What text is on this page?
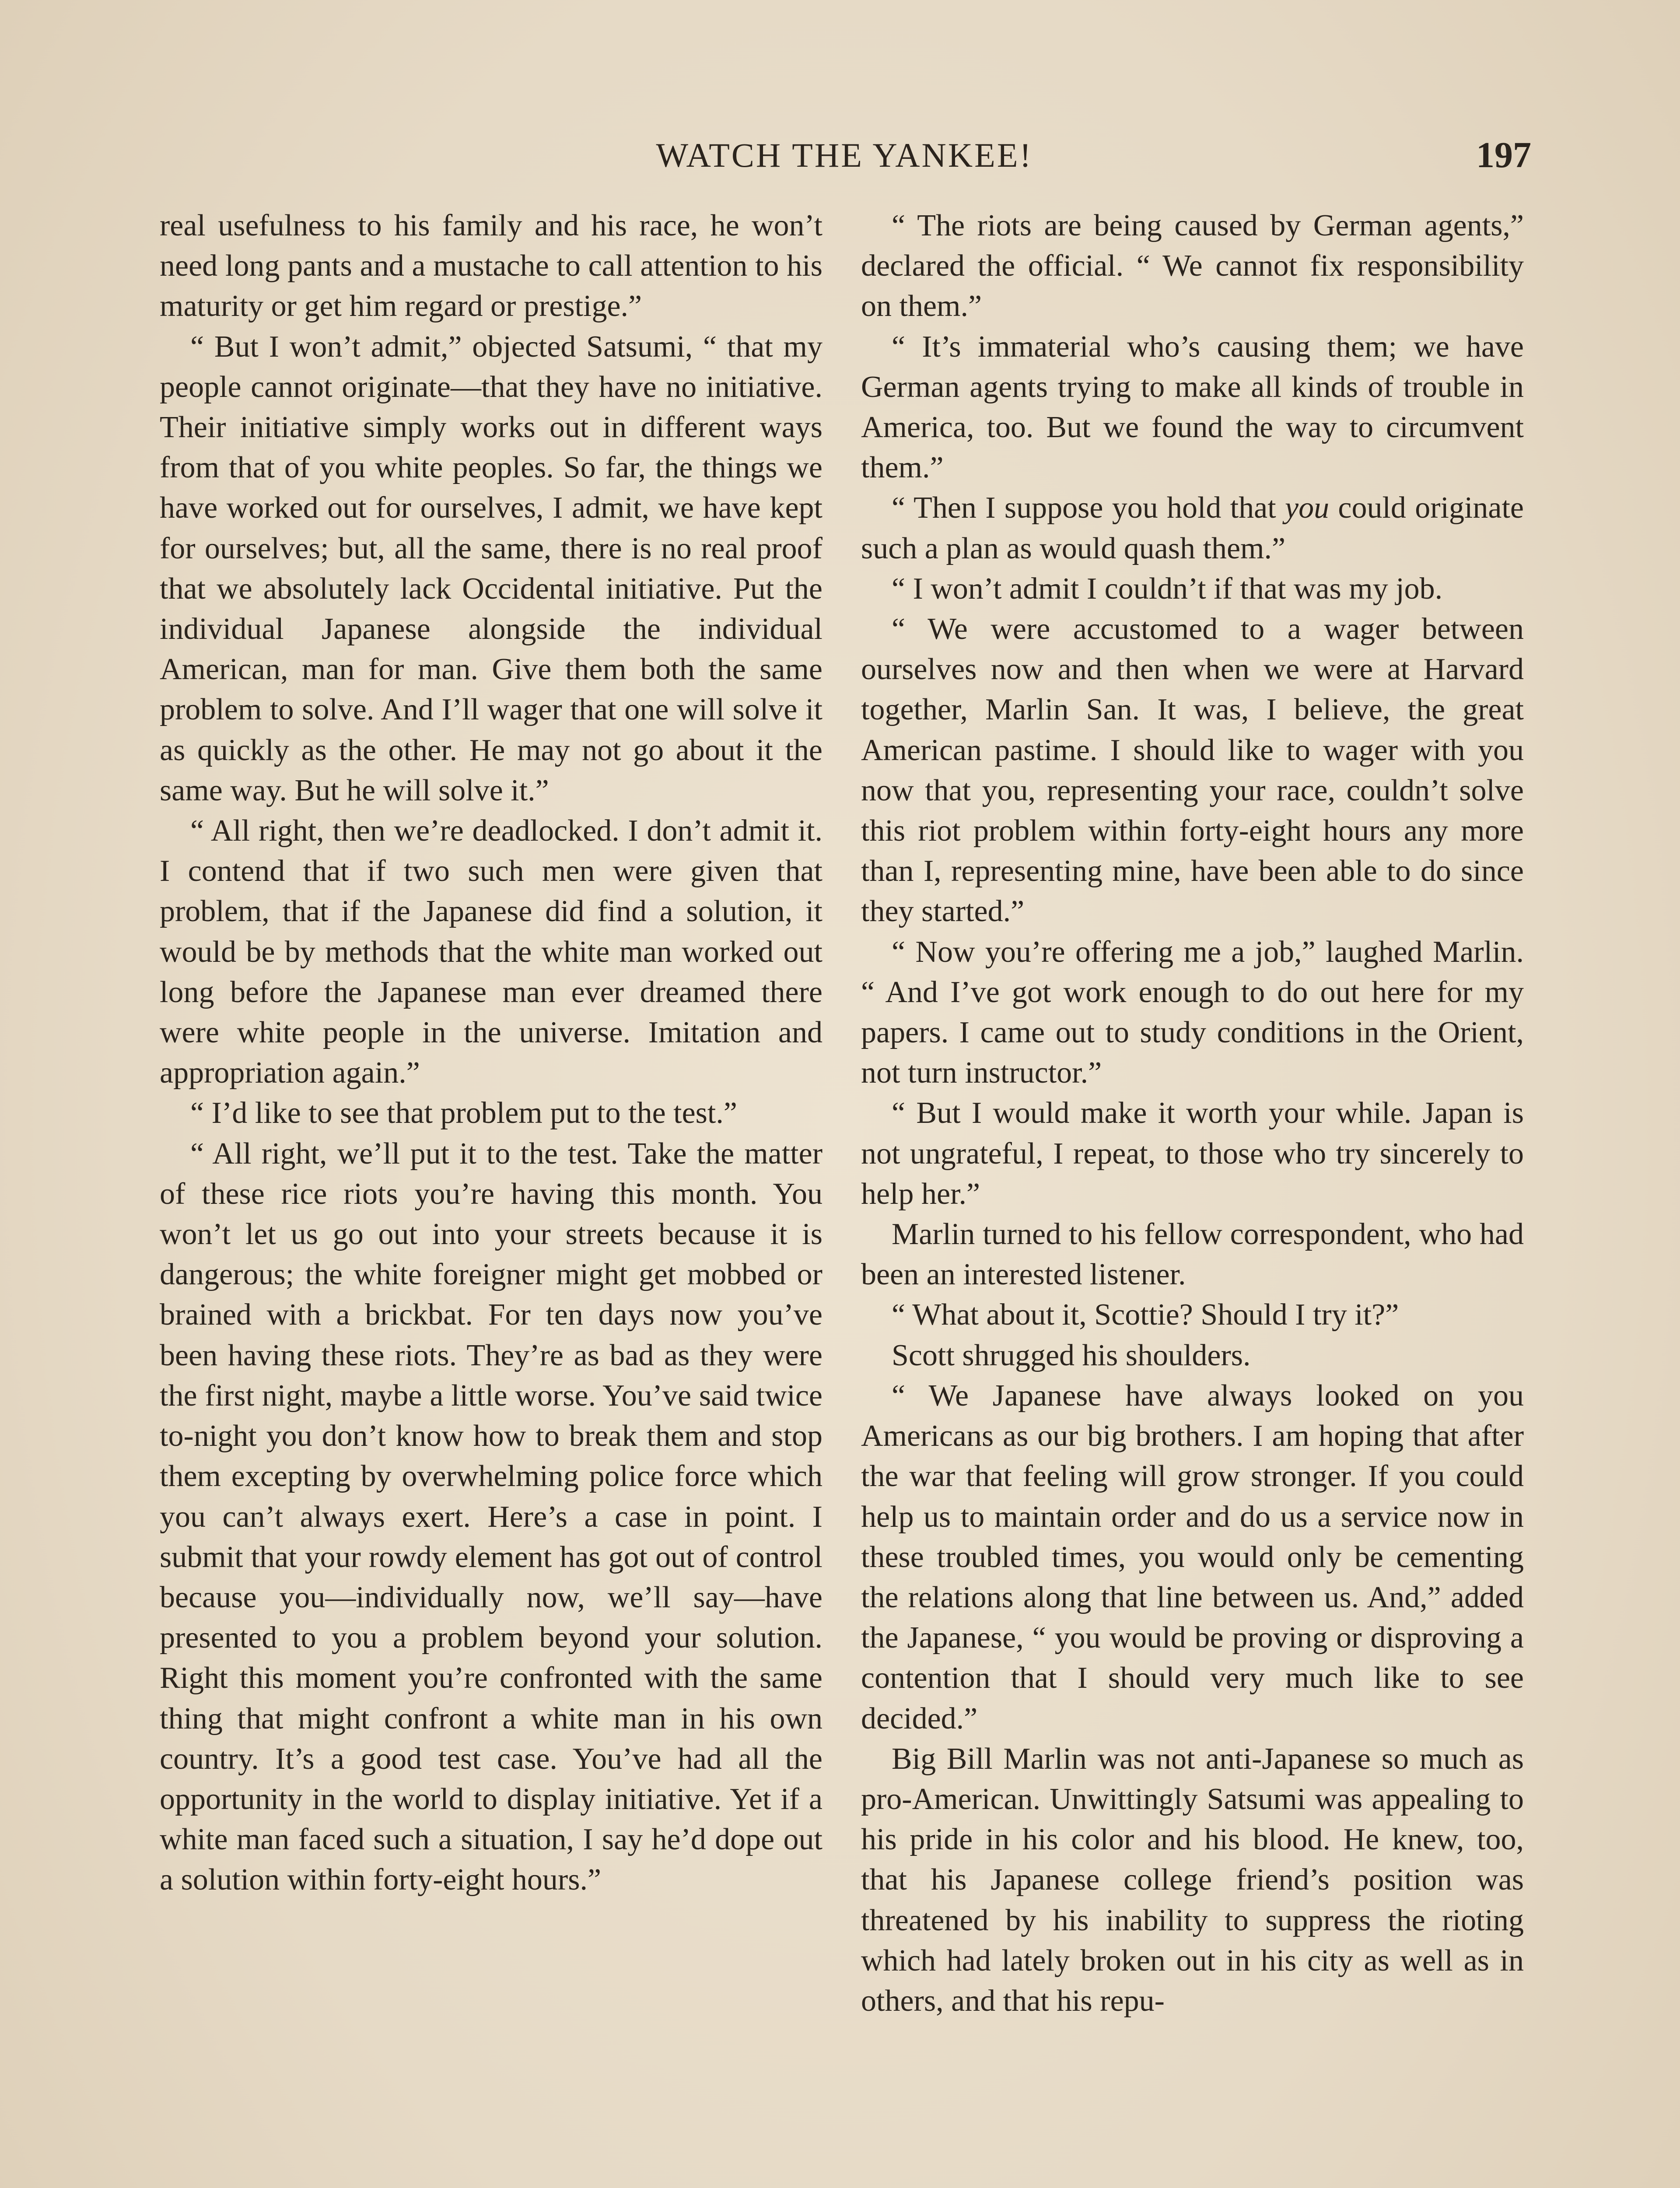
WATCH THE YANKEE!	197

real usefulness to his family and his race, he won’t need long pants and a mustache to call attention to his maturity or get him regard or prestige.”

“ But I won’t admit,” objected Satsumi, “ that my people cannot originate—that they have no initiative. Their initiative simply works out in different ways from that of you white peoples. So far, the things we have worked out for ourselves, I admit, we have kept for ourselves; but, all the same, there is no real proof that we absolutely lack Occidental initiative. Put the individual Japanese alongside the individual American, man for man. Give them both the same problem to solve. And I’ll wager that one will solve it as quickly as the other. He may not go about it the same way. But he will solve it.”

“ All right, then we’re deadlocked. I don’t admit it. I contend that if two such men were given that problem, that if the Japanese did find a solution, it would be by methods that the white man worked out long before the Japanese man ever dreamed there were white people in the universe. Imitation and appropriation again.”

“ I’d like to see that problem put to the test.”

“ All right, we’ll put it to the test. Take the matter of these rice riots you’re having this month. You won’t let us go out into your streets because it is dangerous; the white foreigner might get mobbed or brained with a brickbat. For ten days now you’ve been having these riots. They’re as bad as they were the first night, maybe a little worse. You’ve said twice to-night you don’t know how to break them and stop them excepting by overwhelming police force which you can’t always exert. Here’s a case in point. I submit that your rowdy element has got out of control because you—individually now, we’ll say—have presented to you a problem beyond your solution. Right this moment you’re confronted with the same thing that might confront a white man in his own country. It’s a good test case. You’ve had all the opportunity in the world to display initiative. Yet if a white man faced such a situation, I say he’d dope out a solution within forty-eight hours.”

“ The riots are being caused by German agents,” declared the official. “ We cannot fix responsibility on them.”

“ It’s immaterial who’s causing them; we have German agents trying to make all kinds of trouble in America, too. But we found the way to circumvent them.”

“ Then I suppose you hold that you could originate such a plan as would quash them.”

“ I won’t admit I couldn’t if that was my job.

“ We were accustomed to a wager between ourselves now and then when we were at Harvard together, Marlin San. It was, I believe, the great American pastime. I should like to wager with you now that you, representing your race, couldn’t solve this riot problem within forty-eight hours any more than I, representing mine, have been able to do since they started.”

“ Now you’re offering me a job,” laughed Marlin. “ And I’ve got work enough to do out here for my papers. I came out to study conditions in the Orient, not turn instructor.”

“ But I would make it worth your while. Japan is not ungrateful, I repeat, to those who try sincerely to help her.”

Marlin turned to his fellow correspondent, who had been an interested listener.

“ What about it, Scottie? Should I try it?”

Scott shrugged his shoulders.

“ We Japanese have always looked on you Americans as our big brothers. I am hoping that after the war that feeling will grow stronger. If you could help us to maintain order and do us a service now in these troubled times, you would only be cementing the relations along that line between us. And,” added the Japanese, “ you would be proving or disproving a contention that I should very much like to see decided.”

Big Bill Marlin was not anti-Japanese so much as pro-American. Unwittingly Satsumi was appealing to his pride in his color and his blood. He knew, too, that his Japanese college friend’s position was threatened by his inability to suppress the rioting which had lately broken out in his city as well as in others, and that his repu-
